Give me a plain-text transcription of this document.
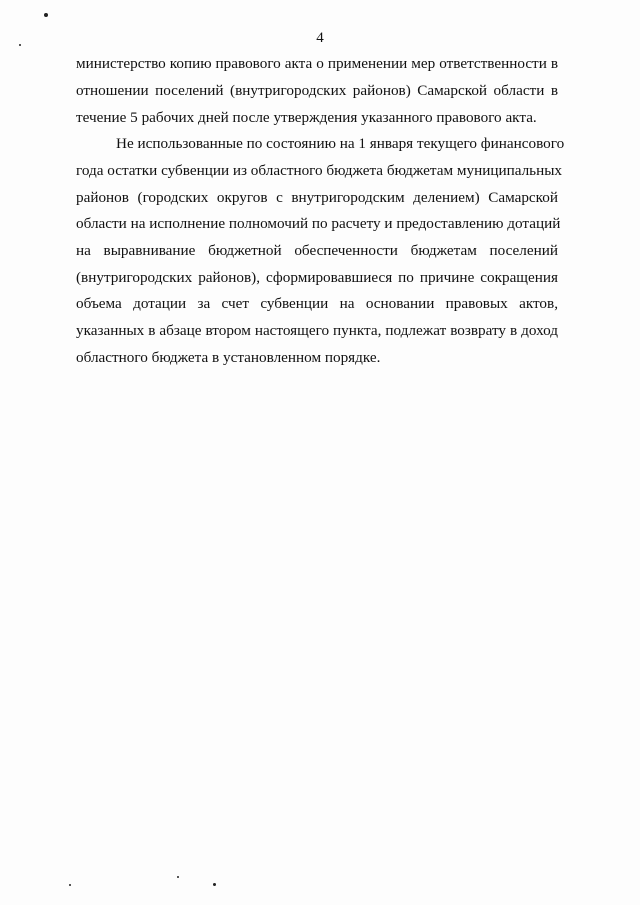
4
министерство копию правового акта о применении мер ответственности в
отношении поселений (внутригородских районов) Самарской области в
течение 5 рабочих дней после утверждения указанного правового акта.
Не использованные по состоянию на 1 января текущего финансового
года остатки субвенции из областного бюджета бюджетам муниципальных
районов (городских округов с внутригородским делением) Самарской
области на исполнение полномочий по расчету и предоставлению дотаций
на выравнивание бюджетной обеспеченности бюджетам поселений
(внутригородских районов), сформировавшиеся по причине сокращения
объема дотации за счет субвенции на основании правовых актов,
указанных в абзаце втором настоящего пункта, подлежат возврату в доход
областного бюджета в установленном порядке.
